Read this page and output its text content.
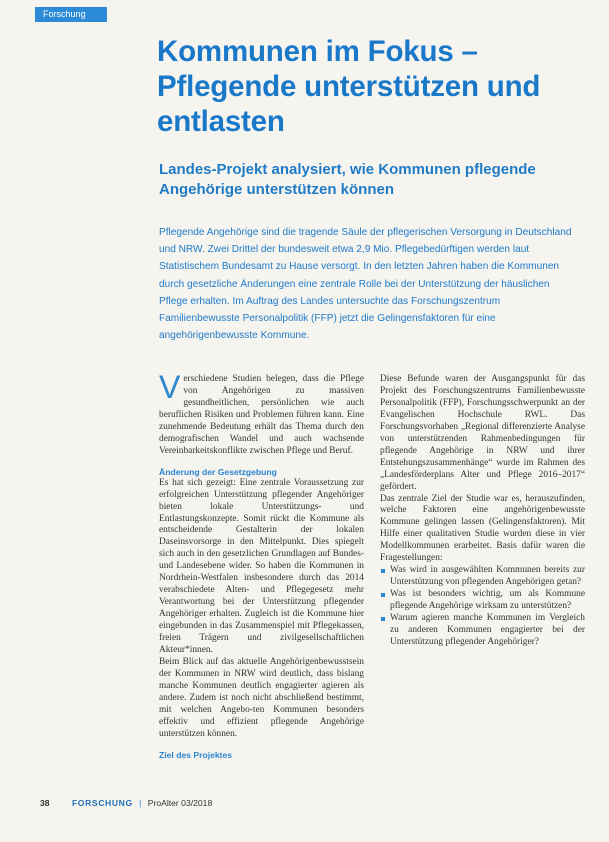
Forschung
Kommunen im Fokus – Pflegende unterstützen und entlasten
Landes-Projekt analysiert, wie Kommunen pflegende Angehörige unterstützen können

Pflegende Angehörige sind die tragende Säule der pflegerischen Versorgung in Deutschland und NRW. Zwei Drittel der bundesweit etwa 2,9 Mio. Pflegebedürftigen werden laut Statistischem Bundesamt zu Hause versorgt. In den letzten Jahren haben die Kommunen durch gesetzliche Änderungen eine zentrale Rolle bei der Unterstützung der häuslichen Pflege erhalten. Im Auftrag des Landes untersuchte das Forschungszentrum Familienbewusste Personalpolitik (FFP) jetzt die Gelingensfaktoren für eine angehörigenbewusste Kommune.

Verschiedene Studien belegen, dass die Pflege von Angehörigen zu massiven gesundheitlichen, persönlichen wie auch beruflichen Risiken und Problemen führen kann. Eine zunehmende Bedeutung erhält das Thema durch den demografischen Wandel und auch wachsende Vereinbarkeitskonflikte zwischen Pflege und Beruf.

Änderung der Gesetzgebung

Es hat sich gezeigt: Eine zentrale Voraussetzung zur erfolgreichen Unterstützung pflegender Angehöriger bieten lokale Unterstützungs- und Entlastungskonzepte. Somit rückt die Kommune als entscheidende Gestalterin der lokalen Daseinsvorsorge in den Mittelpunkt. Dies spiegelt sich auch in den gesetzlichen Grundlagen auf Bundes- und Landesebene wider. So haben die Kommunen in Nordrhein-Westfalen insbesondere durch das 2014 verabschiedete Alten- und Pflegegesetz mehr Verantwortung bei der Unterstützung pflegender Angehöriger erhalten. Zugleich ist die Kommune hier eingebunden in das Zusammenspiel mit Pflegekassen, freien Trägern und zivilgesellschaftlichen Akteur*innen.

Beim Blick auf das aktuelle Angehörigenbewusstsein der Kommunen in NRW wird deutlich, dass bislang manche Kommunen deutlich engagierter agieren als andere. Zudem ist noch nicht abschließend bestimmt, mit welchen Angebo-ten Kommunen besonders effektiv und effizient pflegende Angehörige unterstützen können.

Ziel des Projektes

Diese Befunde waren der Ausgangspunkt für das Projekt des Forschungszentrums Familienbewusste Personalpolitik (FFP), Forschungsschwerpunkt an der Evangelischen Hochschule RWL. Das Forschungsvorhaben „Regional differenzierte Analyse von unterstützenden Rahmenbedingungen für pflegende Angehörige in NRW und ihrer Entstehungszusammenhänge“ wurde im Rahmen des „Landesförderplans Alter und Pflege 2016–2017“ gefördert.

Das zentrale Ziel der Studie war es, herauszufinden, welche Faktoren eine angehörigenbewusste Kommune gelingen lassen (Gelingensfaktoren). Mit Hilfe einer qualitativen Studie wurden diese in vier Modellkommunen erarbeitet. Basis dafür waren die Fragestellungen:

Was wird in ausgewählten Kommunen bereits zur Unterstützung von pflegenden Angehörigen getan?
Was ist besonders wichtig, um als Kommune pflegende Angehörige wirksam zu unterstützen?
Warum agieren manche Kommunen im Vergleich zu anderen Kommunen engagierter bei der Unterstützung pflegender Angehöriger?
38	FORSCHUNG | ProAlter 03/2018
